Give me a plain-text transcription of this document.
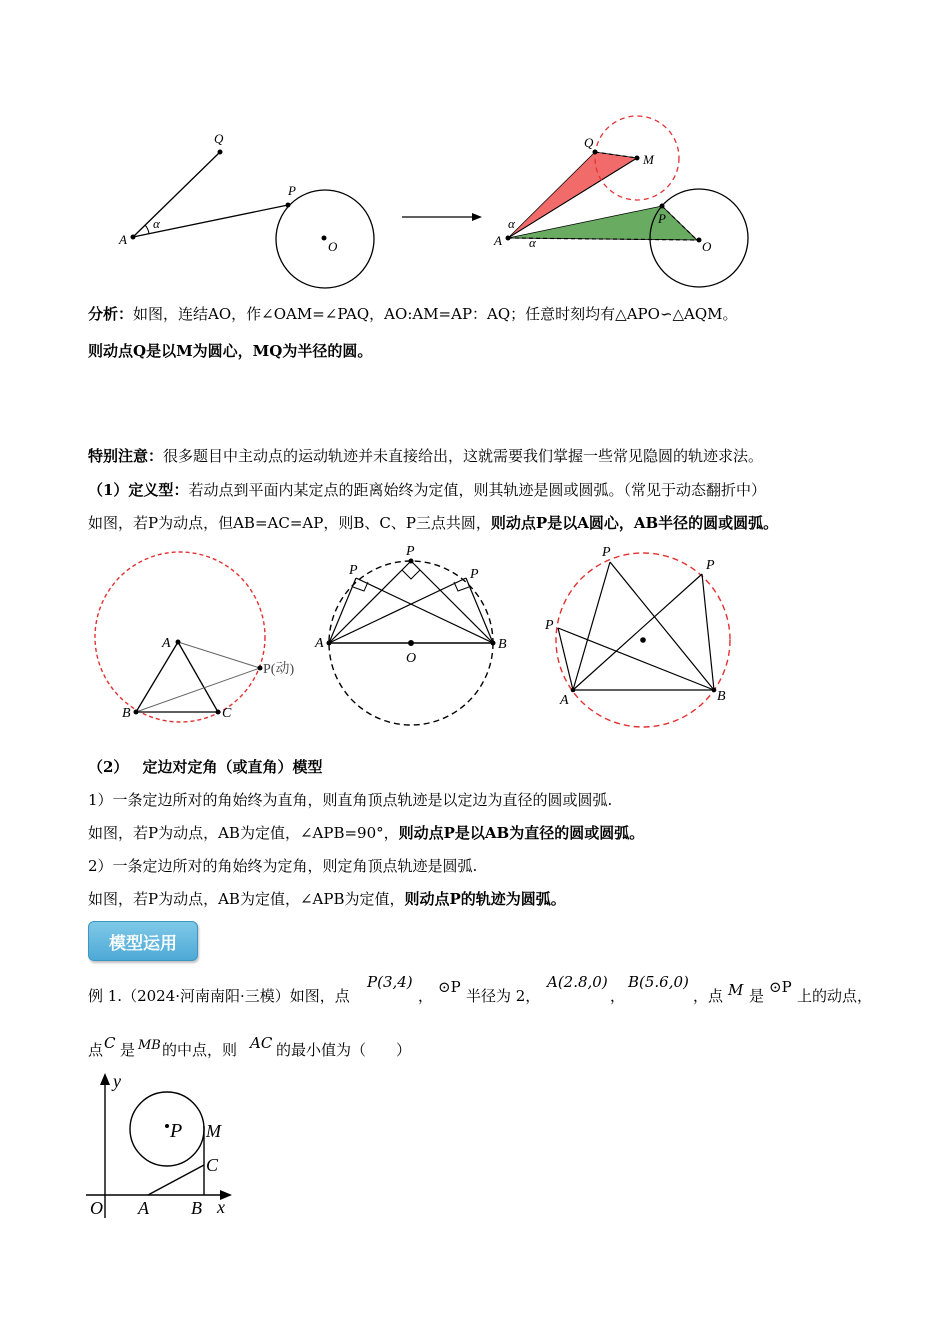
Q
P
A	O
α
Q
M
P
A	O
α
α
分析：如图，连结AO，作∠OAM=∠PAQ，AO:AM=AP：AQ；任意时刻均有△APO∽△AQM。
则动点Q是以M为圆心，MQ为半径的圆。
特别注意：很多题目中主动点的运动轨迹并未直接给出，这就需要我们掌握一些常见隐圆的轨迹求法。
（1）定义型：若动点到平面内某定点的距离始终为定值，则其轨迹是圆或圆弧。（常见于动态翻折中）
如图，若P为动点，但AB=AC=AP，则B、C、P三点共圆，则动点P是以A圆心，AB半径的圆或圆弧。
A
B	C
P(动)
P
P	P
A	B
O
P
P
P
A	B
（2） 定边对定角（或直角）模型
1）一条定边所对的角始终为直角，则直角顶点轨迹是以定边为直径的圆或圆弧.
如图，若P为动点，AB为定值，∠APB=90°，则动点P是以AB为直径的圆或圆弧。
2）一条定边所对的角始终为定角，则定角顶点轨迹是圆弧.
如图，若P为动点，AB为定值，∠APB为定值，则动点P的轨迹为圆弧。
模型运用
例 1.（2024·河南南阳·三模）如图，点
P(3,4)
， ⊙P 半径为 2，
A(2.8,0)
，
B(5.6,0)
，点 M 是 ⊙P 上的动点，
点 C 是 MB 的中点，则 AC 的最小值为（　　）
y
x
O A B
P M
C
